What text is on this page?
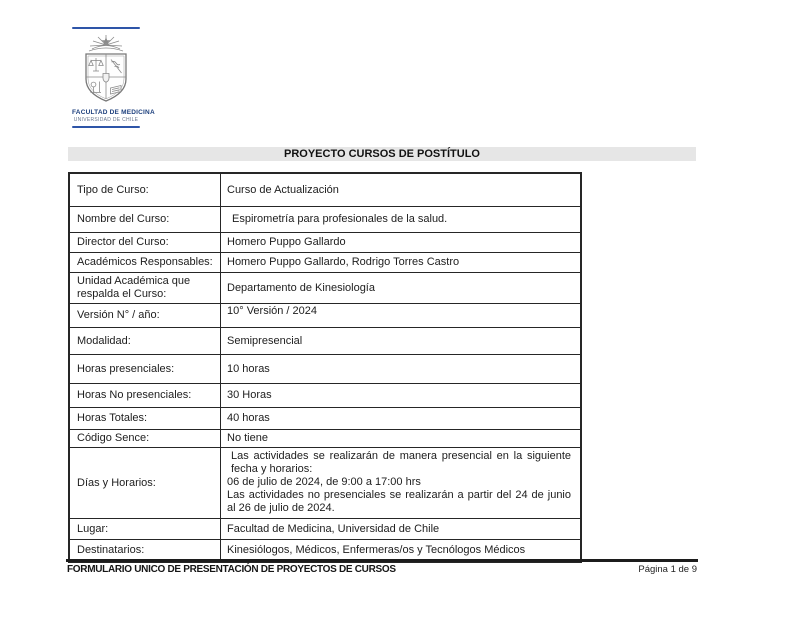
FACULTAD DE MEDICINA
UNIVERSIDAD DE CHILE
PROYECTO CURSOS DE POSTÍTULO
Tipo de Curso:	Curso de Actualización
Nombre del Curso:	Espirometría para profesionales de la salud.
Director del Curso:	Homero Puppo Gallardo
Académicos Responsables:	Homero Puppo Gallardo, Rodrigo Torres Castro
Unidad Académica que respalda el Curso:
Departamento de Kinesiología
Versión N° / año:	10° Versión / 2024
Modalidad:	Semipresencial
Horas presenciales:	10 horas
Horas No presenciales:	30 Horas
Horas Totales:	40 horas
Código Sence:	No tiene
Días y Horarios:
Las actividades se realizarán de manera presencial en la siguiente fecha y horarios:
06 de julio de 2024, de 9:00 a 17:00 hrs
Las actividades no presenciales se realizarán a partir del 24 de junio al 26 de julio de 2024.
Lugar:	Facultad de Medicina, Universidad de Chile
Destinatarios:	Kinesiólogos, Médicos, Enfermeras/os y Tecnólogos Médicos
FORMULARIO UNICO DE PRESENTACIÓN DE PROYECTOS DE CURSOS	Página 1 de 9
